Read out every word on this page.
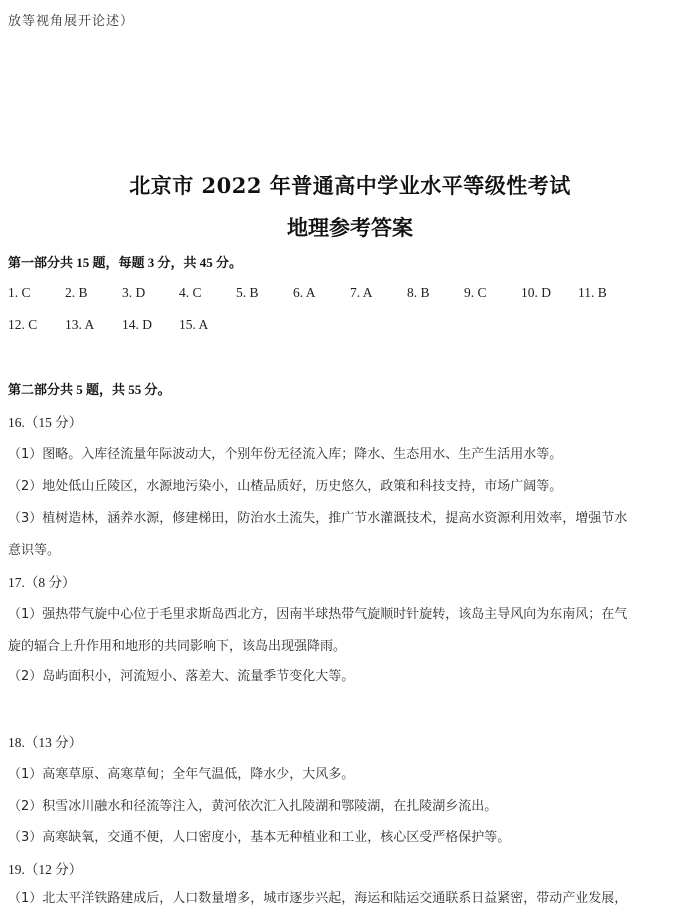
放等视角展开论述）
北京市 2022 年普通高中学业水平等级性考试
地理参考答案
第一部分共 15 题，每题 3 分，共 45 分。
1. C	2. B	3. D	4. C	5. B	6. A	7. A	8. B	9. C	10. D	11. B
12. C	13. A	14. D	15. A
第二部分共 5 题，共 55 分。
16.（15 分）
（1）图略。入库径流量年际波动大，个别年份无径流入库；降水、生态用水、生产生活用水等。
（2）地处低山丘陵区，水源地污染小，山楂品质好，历史悠久，政策和科技支持，市场广阔等。
（3）植树造林，涵养水源，修建梯田，防治水土流失，推广节水灌溉技术，提高水资源利用效率，增强节水
意识等。
17.（8 分）
（1）强热带气旋中心位于毛里求斯岛西北方，因南半球热带气旋顺时针旋转，该岛主导风向为东南风；在气
旋的辐合上升作用和地形的共同影响下，该岛出现强降雨。
（2）岛屿面积小，河流短小、落差大、流量季节变化大等。
18.（13 分）
（1）高寒草原、高寒草甸；全年气温低，降水少，大风多。
（2）积雪冰川融水和径流等注入，黄河依次汇入扎陵湖和鄂陵湖，在扎陵湖乡流出。
（3）高寒缺氧，交通不便，人口密度小，基本无种植业和工业，核心区受严格保护等。
19.（12 分）
（1）北太平洋铁路建成后，人口数量增多，城市逐步兴起，海运和陆运交通联系日益紧密，带动产业发展，
